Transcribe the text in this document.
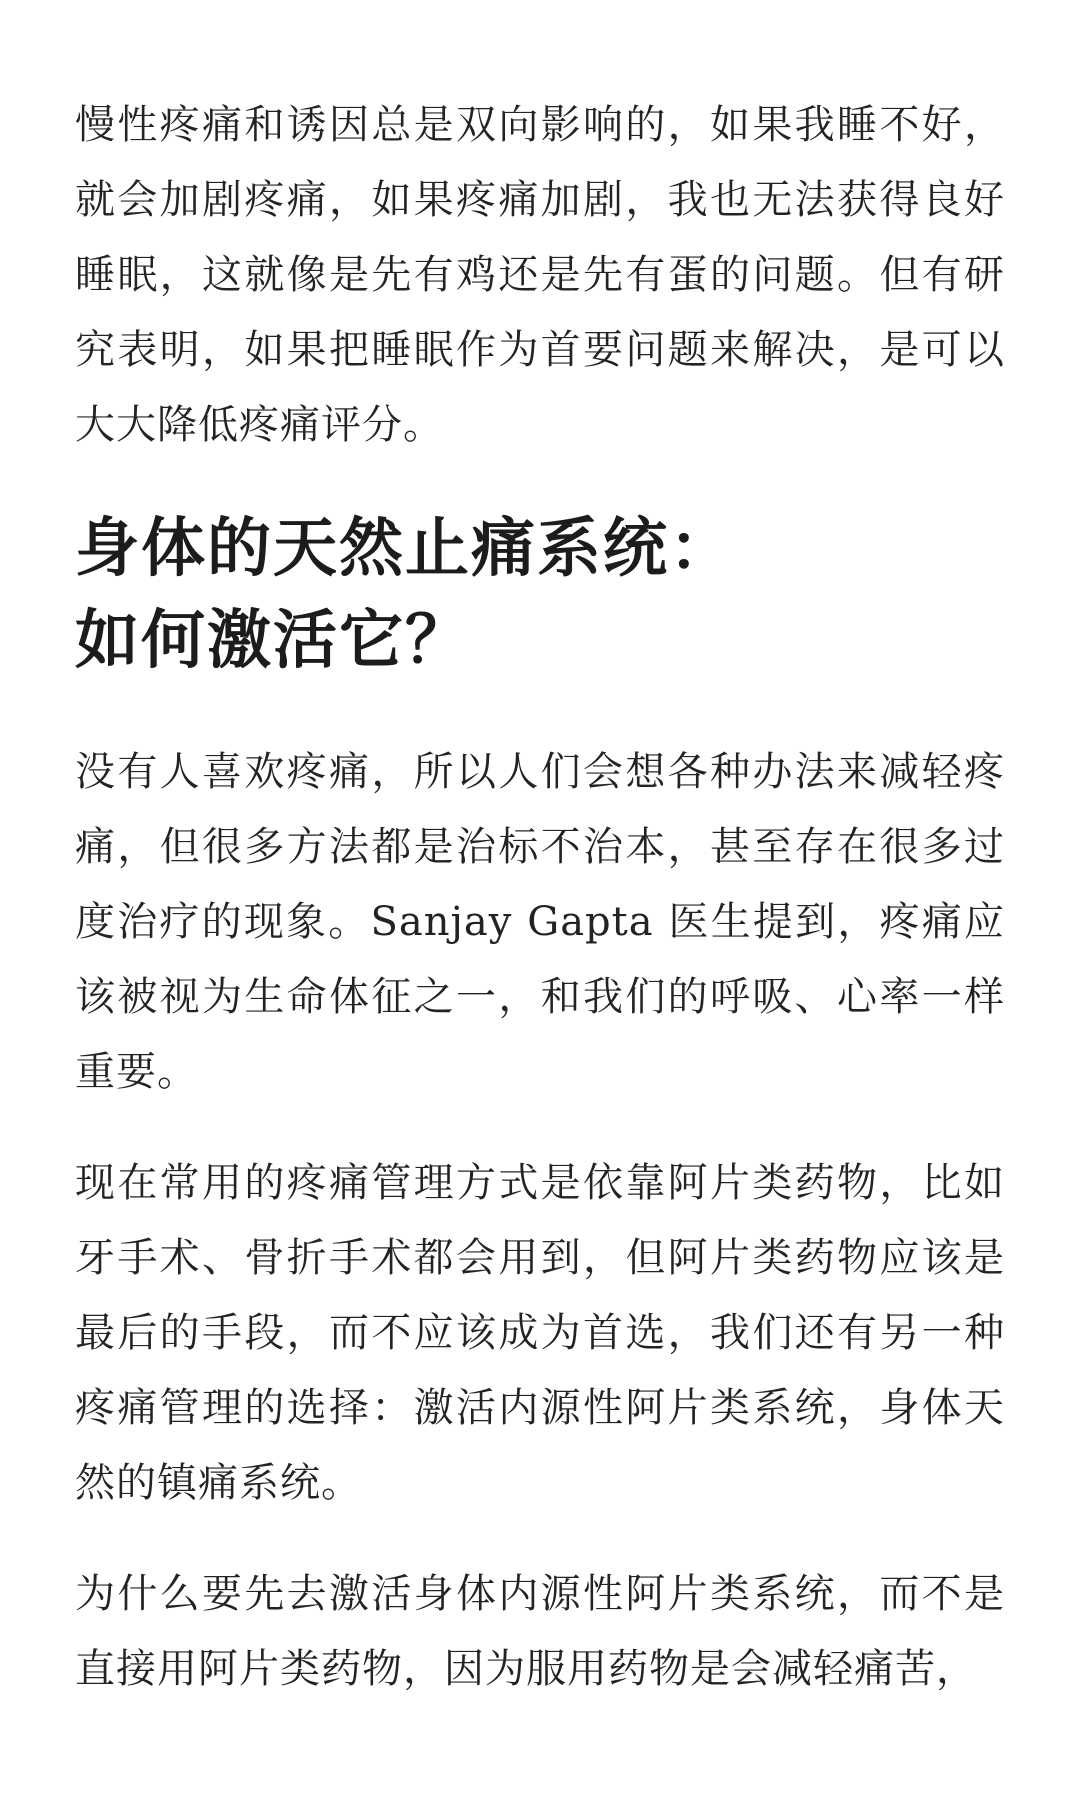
慢性疼痛和诱因总是双向影响的，如果我睡不好，就会加剧疼痛，如果疼痛加剧，我也无法获得良好睡眠，这就像是先有鸡还是先有蛋的问题。但有研究表明，如果把睡眠作为首要问题来解决，是可以大大降低疼痛评分。

身体的天然止痛系统：
如何激活它？

没有人喜欢疼痛，所以人们会想各种办法来减轻疼痛，但很多方法都是治标不治本，甚至存在很多过度治疗的现象。Sanjay Gapta 医生提到，疼痛应该被视为生命体征之一，和我们的呼吸、心率一样重要。

现在常用的疼痛管理方式是依靠阿片类药物，比如牙手术、骨折手术都会用到，但阿片类药物应该是最后的手段，而不应该成为首选，我们还有另一种疼痛管理的选择：激活内源性阿片类系统，身体天然的镇痛系统。

为什么要先去激活身体内源性阿片类系统，而不是直接用阿片类药物，因为服用药物是会减轻痛苦，
